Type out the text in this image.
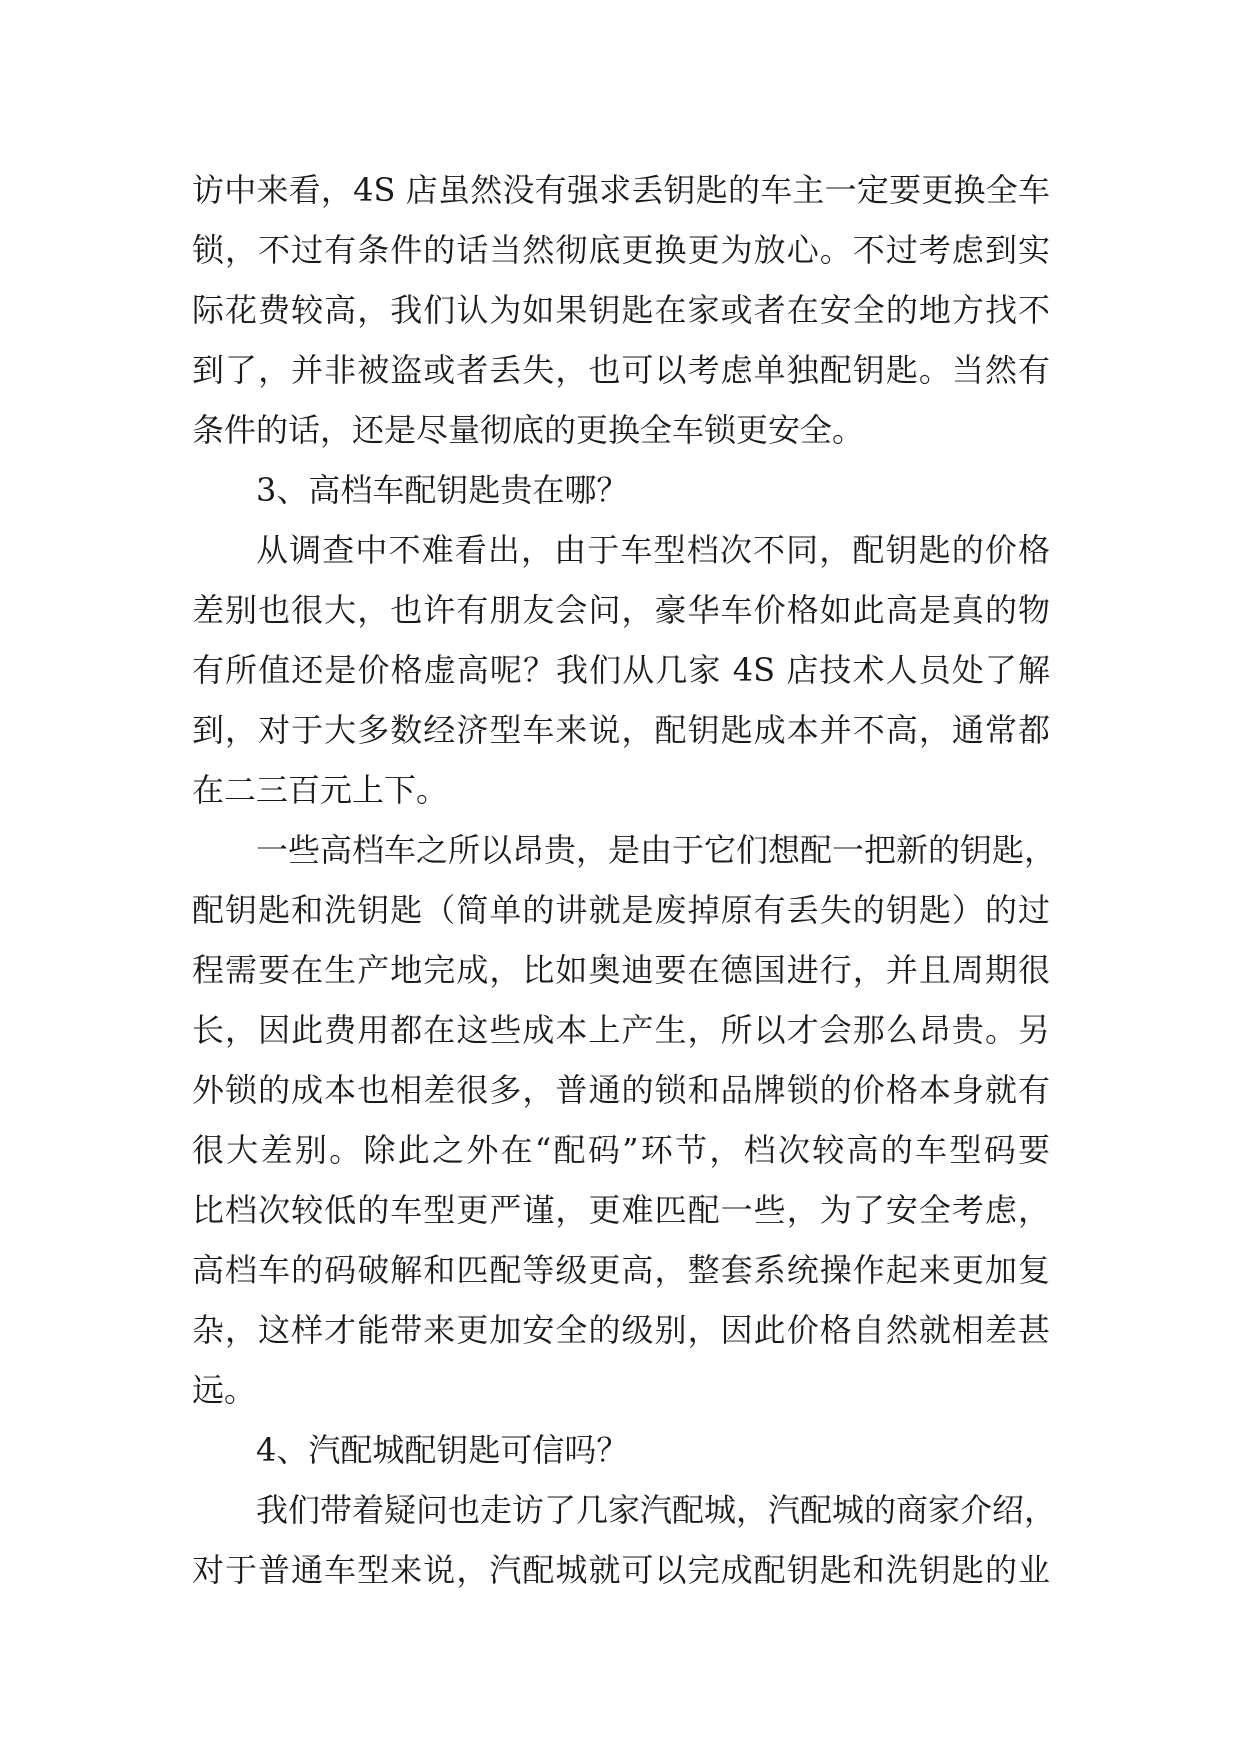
访中来看，4S 店虽然没有强求丢钥匙的车主一定要更换全车
锁，不过有条件的话当然彻底更换更为放心。不过考虑到实
际花费较高，我们认为如果钥匙在家或者在安全的地方找不
到了，并非被盗或者丢失，也可以考虑单独配钥匙。当然有
条件的话，还是尽量彻底的更换全车锁更安全。
3、高档车配钥匙贵在哪？
从调查中不难看出，由于车型档次不同，配钥匙的价格
差别也很大，也许有朋友会问，豪华车价格如此高是真的物
有所值还是价格虚高呢？我们从几家 4S 店技术人员处了解
到，对于大多数经济型车来说，配钥匙成本并不高，通常都
在二三百元上下。
一些高档车之所以昂贵，是由于它们想配一把新的钥匙，
配钥匙和洗钥匙（简单的讲就是废掉原有丢失的钥匙）的过
程需要在生产地完成，比如奥迪要在德国进行，并且周期很
长，因此费用都在这些成本上产生，所以才会那么昂贵。另
外锁的成本也相差很多，普通的锁和品牌锁的价格本身就有
很大差别。除此之外在“配码”环节，档次较高的车型码要
比档次较低的车型更严谨，更难匹配一些，为了安全考虑，
高档车的码破解和匹配等级更高，整套系统操作起来更加复
杂，这样才能带来更加安全的级别，因此价格自然就相差甚
远。
4、汽配城配钥匙可信吗？
我们带着疑问也走访了几家汽配城，汽配城的商家介绍，
对于普通车型来说，汽配城就可以完成配钥匙和洗钥匙的业
